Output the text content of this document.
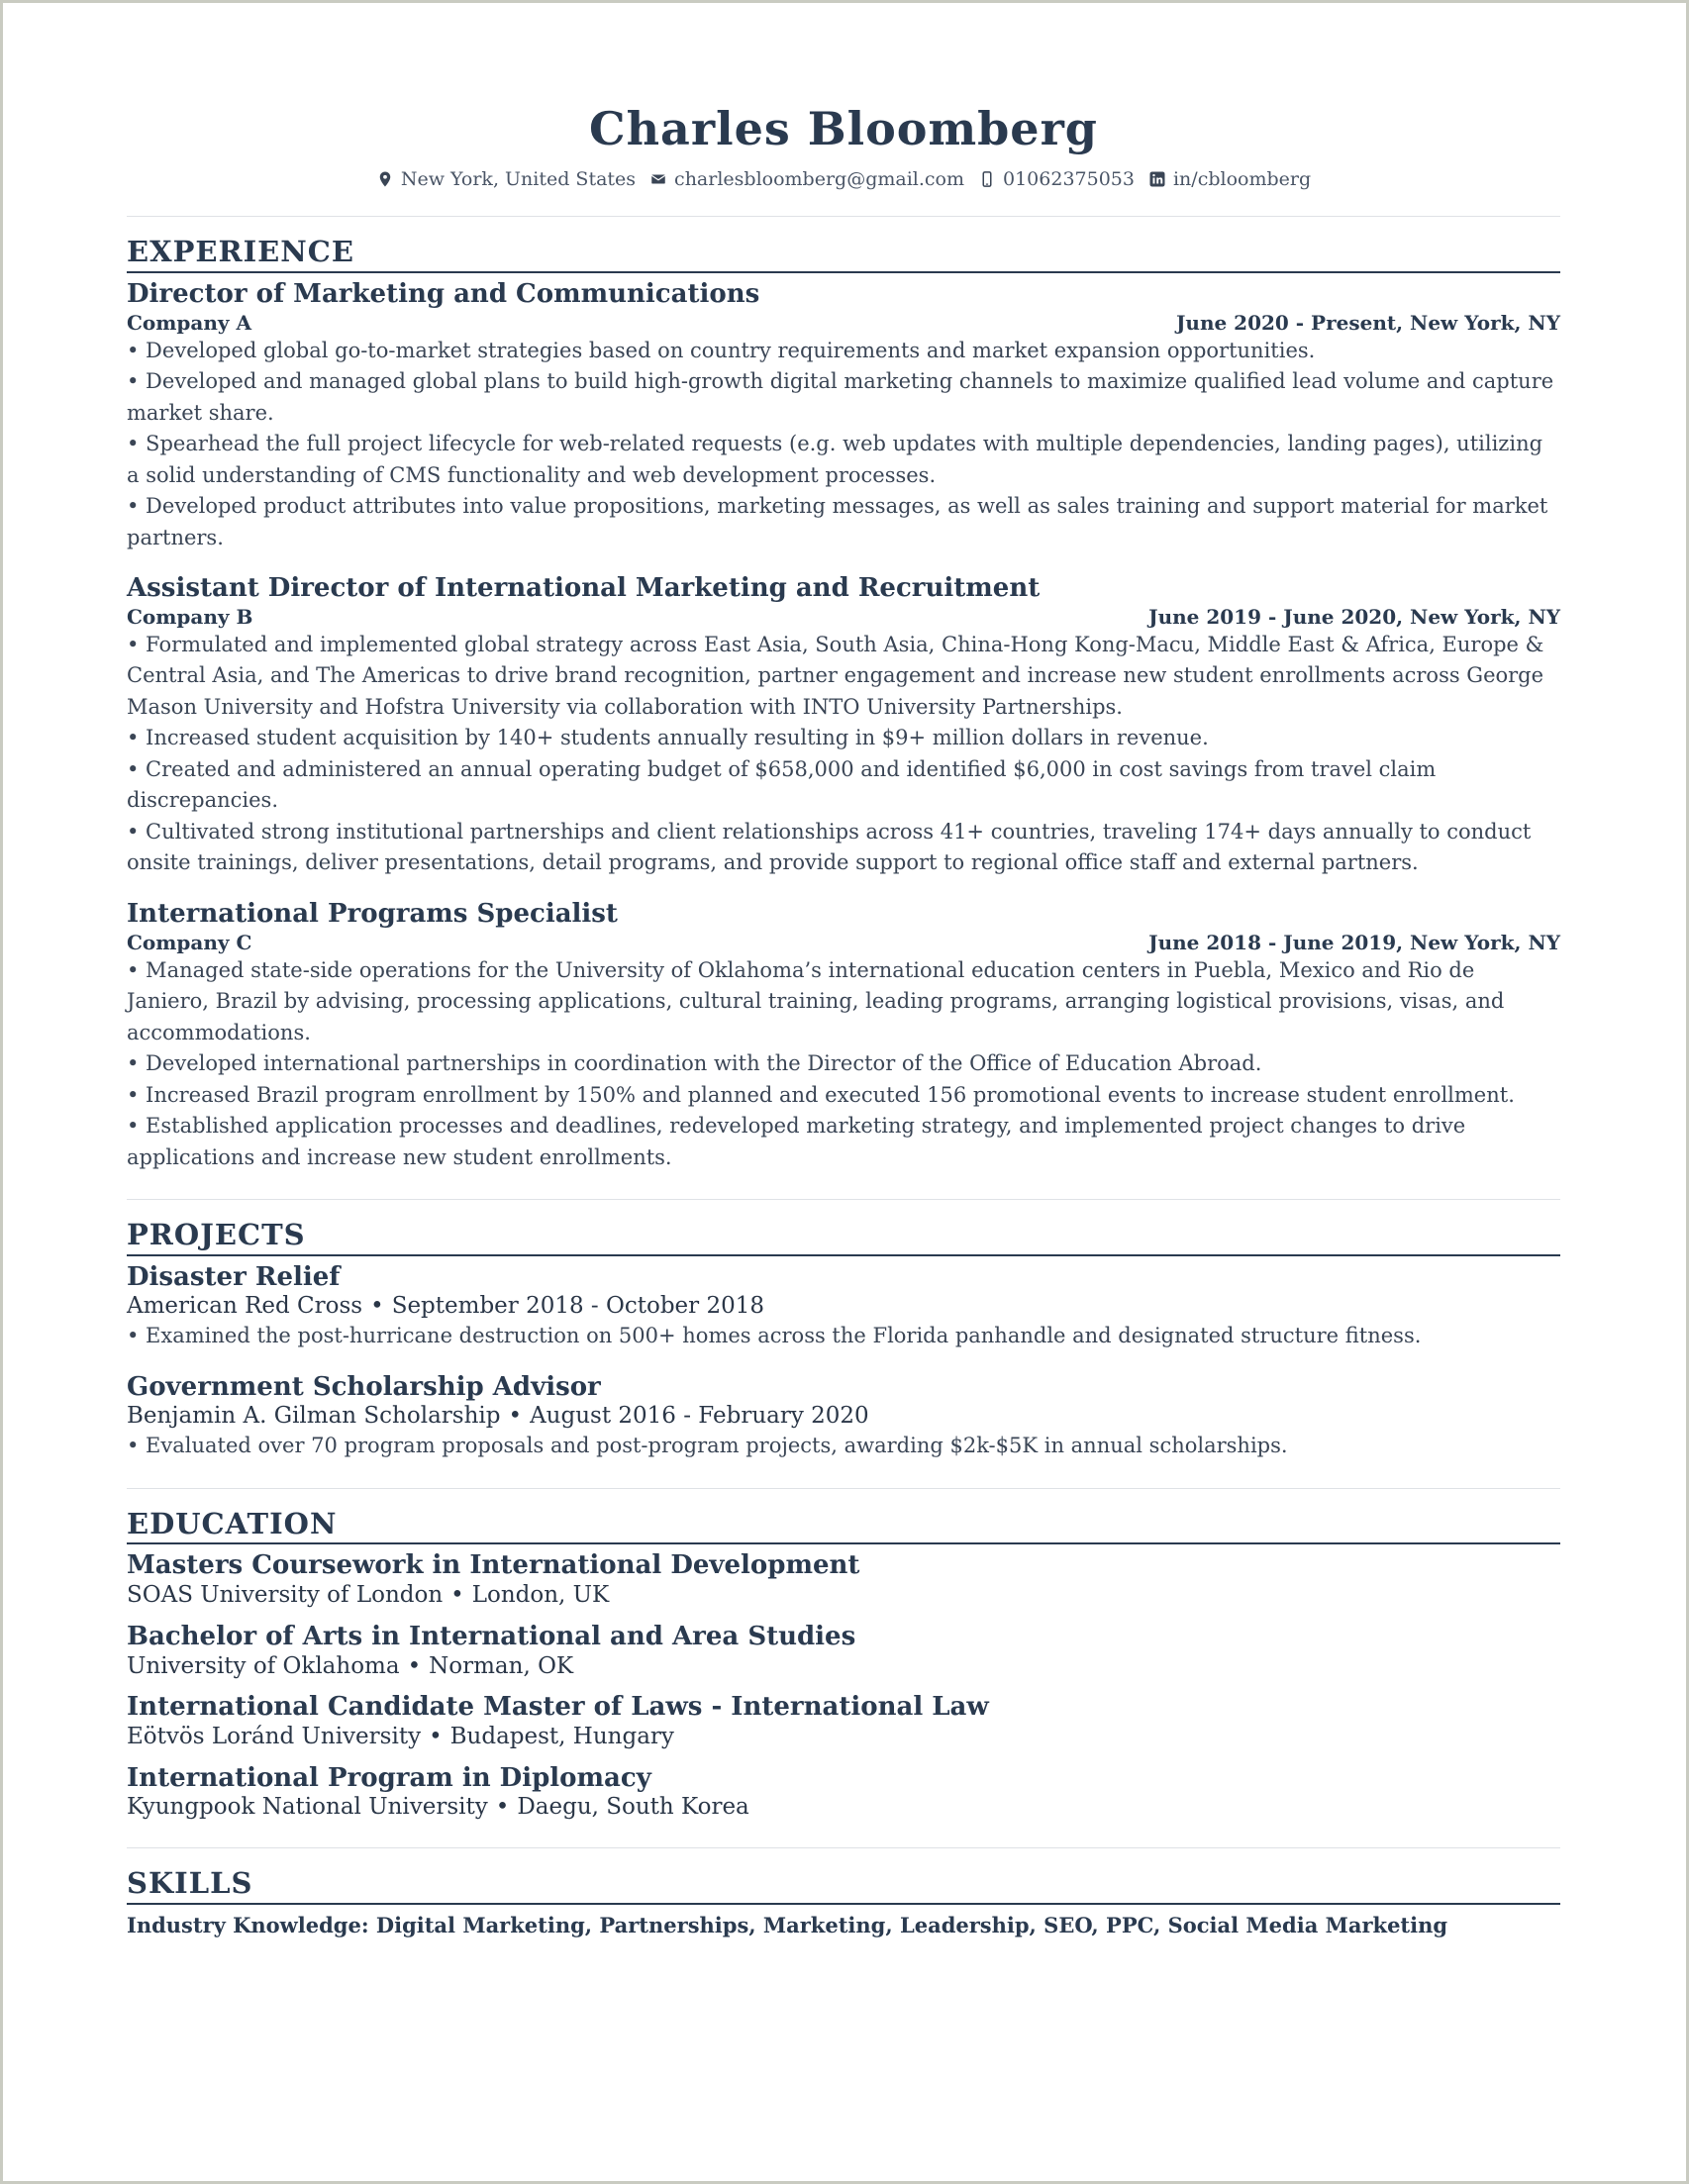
Charles Bloomberg
New York, United States charlesbloomberg@gmail.com 01062375053 in/cbloomberg
EXPERIENCE
Director of Marketing and Communications
Company A	June 2020 - Present, New York, NY
• Developed global go-to-market strategies based on country requirements and market expansion opportunities.
• Developed and managed global plans to build high-growth digital marketing channels to maximize qualified lead volume and capture market share.
• Spearhead the full project lifecycle for web-related requests (e.g. web updates with multiple dependencies, landing pages), utilizing a solid understanding of CMS functionality and web development processes.
• Developed product attributes into value propositions, marketing messages, as well as sales training and support material for market partners.
Assistant Director of International Marketing and Recruitment
Company B	June 2019 - June 2020, New York, NY
• Formulated and implemented global strategy across East Asia, South Asia, China-Hong Kong-Macu, Middle East & Africa, Europe & Central Asia, and The Americas to drive brand recognition, partner engagement and increase new student enrollments across George Mason University and Hofstra University via collaboration with INTO University Partnerships.
• Increased student acquisition by 140+ students annually resulting in $9+ million dollars in revenue.
• Created and administered an annual operating budget of $658,000 and identified $6,000 in cost savings from travel claim discrepancies.
• Cultivated strong institutional partnerships and client relationships across 41+ countries, traveling 174+ days annually to conduct onsite trainings, deliver presentations, detail programs, and provide support to regional office staff and external partners.
International Programs Specialist
Company C	June 2018 - June 2019, New York, NY
• Managed state-side operations for the University of Oklahoma’s international education centers in Puebla, Mexico and Rio de Janiero, Brazil by advising, processing applications, cultural training, leading programs, arranging logistical provisions, visas, and accommodations.
• Developed international partnerships in coordination with the Director of the Office of Education Abroad.
• Increased Brazil program enrollment by 150% and planned and executed 156 promotional events to increase student enrollment.
• Established application processes and deadlines, redeveloped marketing strategy, and implemented project changes to drive applications and increase new student enrollments.
PROJECTS
Disaster Relief
American Red Cross • September 2018 - October 2018
• Examined the post-hurricane destruction on 500+ homes across the Florida panhandle and designated structure fitness.
Government Scholarship Advisor
Benjamin A. Gilman Scholarship • August 2016 - February 2020
• Evaluated over 70 program proposals and post-program projects, awarding $2k-$5K in annual scholarships.
EDUCATION
Masters Coursework in International Development
SOAS University of London • London, UK
Bachelor of Arts in International and Area Studies
University of Oklahoma • Norman, OK
International Candidate Master of Laws - International Law
Eötvös Loránd University • Budapest, Hungary
International Program in Diplomacy
Kyungpook National University • Daegu, South Korea
SKILLS
Industry Knowledge: Digital Marketing, Partnerships, Marketing, Leadership, SEO, PPC, Social Media Marketing
